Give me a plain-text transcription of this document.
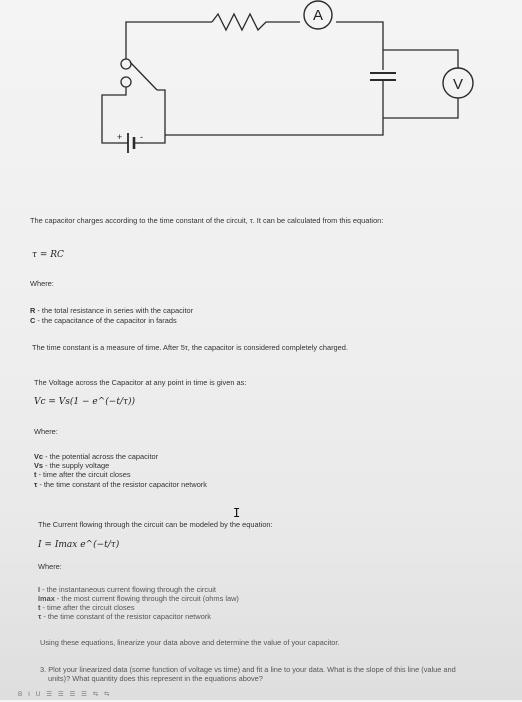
A
V
+ -
The capacitor charges according to the time constant of the circuit, τ. It can be calculated from this equation:
τ = RC
Where:
R - the total resistance in series with the capacitor
C - the capacitance of the capacitor in farads
The time constant is a measure of time. After 5τ, the capacitor is considered completely charged.
The Voltage across the Capacitor at any point in time is given as:
Vc = Vs(1 − e^(−t/τ))
Where:
Vc - the potential across the capacitor
Vs - the supply voltage
t - time after the circuit closes
τ - the time constant of the resistor capacitor network
I
The Current flowing through the circuit can be modeled by the equation:
I = Imax e^(−t/τ)
Where:
I - the instantaneous current flowing through the circuit
Imax - the most current flowing through the circuit (ohms law)
t - time after the circuit closes
τ - the time constant of the resistor capacitor network
Using these equations, linearize your data above and determine the value of your capacitor.
3. Plot your linearized data (some function of voltage vs time) and fit a line to your data. What is the slope of this line (value and
units)? What quantity does this represent in the equations above?
B I U ☰ ☰ ☰ ☰ ⇆ ⇆
